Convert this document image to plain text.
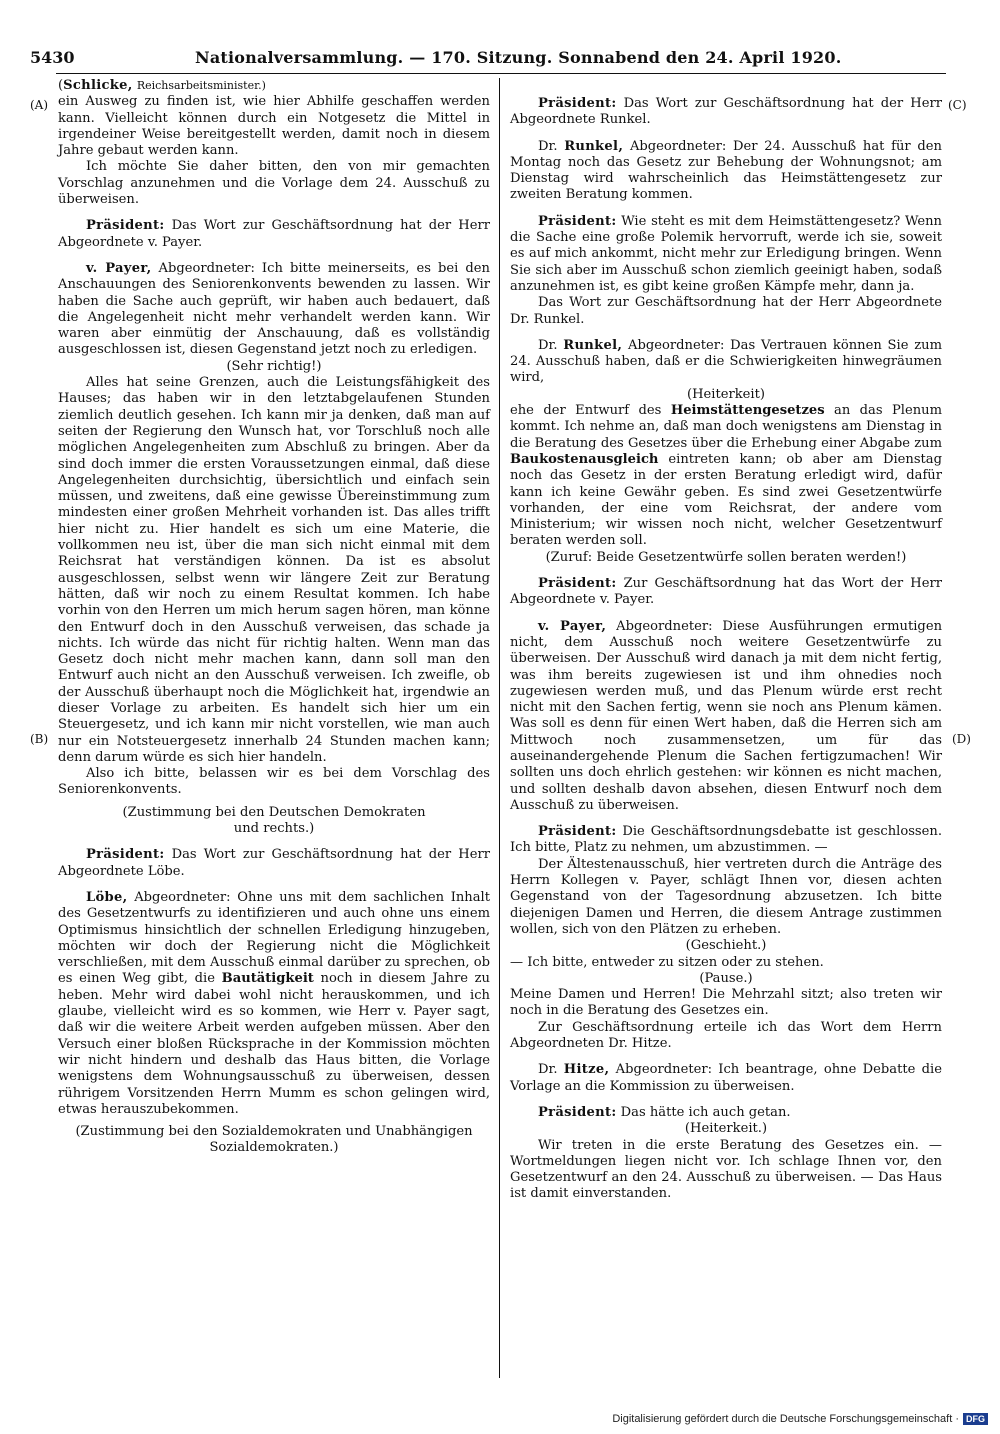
5430	Nationalversammlung. — 170. Sitzung. Sonnabend den 24. April 1920.
(A)
(B)
(C)
(D)

(Schlicke, Reichsarbeitsminister.)

ein Ausweg zu finden ist, wie hier Abhilfe geschaffen werden kann. Vielleicht können durch ein Notgesetz die Mittel in irgendeiner Weise bereitgestellt werden, damit noch in diesem Jahre gebaut werden kann.

Ich möchte Sie daher bitten, den von mir gemachten Vorschlag anzunehmen und die Vorlage dem 24. Ausschuß zu überweisen.

Präsident: Das Wort zur Geschäftsordnung hat der Herr Abgeordnete v. Payer.

v. Payer, Abgeordneter: Ich bitte meinerseits, es bei den Anschauungen des Seniorenkonvents bewenden zu lassen. Wir haben die Sache auch geprüft, wir haben auch bedauert, daß die Angelegenheit nicht mehr verhandelt werden kann. Wir waren aber einmütig der Anschauung, daß es vollständig ausgeschlossen ist, diesen Gegenstand jetzt noch zu erledigen.

(Sehr richtig!)

Alles hat seine Grenzen, auch die Leistungsfähigkeit des Hauses; das haben wir in den letztabgelaufenen Stunden ziemlich deutlich gesehen. Ich kann mir ja denken, daß man auf seiten der Regierung den Wunsch hat, vor Torschluß noch alle möglichen Angelegenheiten zum Abschluß zu bringen. Aber da sind doch immer die ersten Voraussetzungen einmal, daß diese Angelegenheiten durchsichtig, übersichtlich und einfach sein müssen, und zweitens, daß eine gewisse Übereinstimmung zum mindesten einer großen Mehrheit vorhanden ist. Das alles trifft hier nicht zu. Hier handelt es sich um eine Materie, die vollkommen neu ist, über die man sich nicht einmal mit dem Reichsrat hat verständigen können. Da ist es absolut ausgeschlossen, selbst wenn wir längere Zeit zur Beratung hätten, daß wir noch zu einem Resultat kommen. Ich habe vorhin von den Herren um mich herum sagen hören, man könne den Entwurf doch in den Ausschuß verweisen, das schade ja nichts. Ich würde das nicht für richtig halten. Wenn man das Gesetz doch nicht mehr machen kann, dann soll man den Entwurf auch nicht an den Ausschuß verweisen. Ich zweifle, ob der Ausschuß überhaupt noch die Möglichkeit hat, irgendwie an dieser Vorlage zu arbeiten. Es handelt sich hier um ein Steuergesetz, und ich kann mir nicht vorstellen, wie man auch nur ein Notsteuergesetz innerhalb 24 Stunden machen kann; denn darum würde es sich hier handeln.

Also ich bitte, belassen wir es bei dem Vorschlag des Seniorenkonvents.

(Zustimmung bei den Deutschen Demokraten und rechts.)

Präsident: Das Wort zur Geschäftsordnung hat der Herr Abgeordnete Löbe.

Löbe, Abgeordneter: Ohne uns mit dem sachlichen Inhalt des Gesetzentwurfs zu identifizieren und auch ohne uns einem Optimismus hinsichtlich der schnellen Erledigung hinzugeben, möchten wir doch der Regierung nicht die Möglichkeit verschließen, mit dem Ausschuß einmal darüber zu sprechen, ob es einen Weg gibt, die Bautätigkeit noch in diesem Jahre zu heben. Mehr wird dabei wohl nicht herauskommen, und ich glaube, vielleicht wird es so kommen, wie Herr v. Payer sagt, daß wir die weitere Arbeit werden aufgeben müssen. Aber den Versuch einer bloßen Rücksprache in der Kommission möchten wir nicht hindern und deshalb das Haus bitten, die Vorlage wenigstens dem Wohnungsausschuß zu überweisen, dessen rührigem Vorsitzenden Herrn Mumm es schon gelingen wird, etwas herauszubekommen.

(Zustimmung bei den Sozialdemokraten und Unabhängigen Sozialdemokraten.)

Präsident: Das Wort zur Geschäftsordnung hat der Herr Abgeordnete Runkel.

Dr. Runkel, Abgeordneter: Der 24. Ausschuß hat für den Montag noch das Gesetz zur Behebung der Wohnungsnot; am Dienstag wird wahrscheinlich das Heimstättengesetz zur zweiten Beratung kommen.

Präsident: Wie steht es mit dem Heimstättengesetz? Wenn die Sache eine große Polemik hervorruft, werde ich sie, soweit es auf mich ankommt, nicht mehr zur Erledigung bringen. Wenn Sie sich aber im Ausschuß schon ziemlich geeinigt haben, sodaß anzunehmen ist, es gibt keine großen Kämpfe mehr, dann ja.

Das Wort zur Geschäftsordnung hat der Herr Abgeordnete Dr. Runkel.

Dr. Runkel, Abgeordneter: Das Vertrauen können Sie zum 24. Ausschuß haben, daß er die Schwierigkeiten hinwegräumen wird,

(Heiterkeit)

ehe der Entwurf des Heimstättengesetzes an das Plenum kommt. Ich nehme an, daß man doch wenigstens am Dienstag in die Beratung des Gesetzes über die Erhebung einer Abgabe zum Baukostenausgleich eintreten kann; ob aber am Dienstag noch das Gesetz in der ersten Beratung erledigt wird, dafür kann ich keine Gewähr geben. Es sind zwei Gesetzentwürfe vorhanden, der eine vom Reichsrat, der andere vom Ministerium; wir wissen noch nicht, welcher Gesetzentwurf beraten werden soll.

(Zuruf: Beide Gesetzentwürfe sollen beraten werden!)

Präsident: Zur Geschäftsordnung hat das Wort der Herr Abgeordnete v. Payer.

v. Payer, Abgeordneter: Diese Ausführungen ermutigen nicht, dem Ausschuß noch weitere Gesetzentwürfe zu überweisen. Der Ausschuß wird danach ja mit dem nicht fertig, was ihm bereits zugewiesen ist und ihm ohnedies noch zugewiesen werden muß, und das Plenum würde erst recht nicht mit den Sachen fertig, wenn sie noch ans Plenum kämen. Was soll es denn für einen Wert haben, daß die Herren sich am Mittwoch noch zusammensetzen, um für das auseinandergehende Plenum die Sachen fertigzumachen! Wir sollten uns doch ehrlich gestehen: wir können es nicht machen, und sollten deshalb davon absehen, diesen Entwurf noch dem Ausschuß zu überweisen.

Präsident: Die Geschäftsordnungsdebatte ist geschlossen. Ich bitte, Platz zu nehmen, um abzustimmen. —

Der Ältestenausschuß, hier vertreten durch die Anträge des Herrn Kollegen v. Payer, schlägt Ihnen vor, diesen achten Gegenstand von der Tagesordnung abzusetzen. Ich bitte diejenigen Damen und Herren, die diesem Antrage zustimmen wollen, sich von den Plätzen zu erheben.

(Geschieht.)

— Ich bitte, entweder zu sitzen oder zu stehen.

(Pause.)

Meine Damen und Herren! Die Mehrzahl sitzt; also treten wir noch in die Beratung des Gesetzes ein.

Zur Geschäftsordnung erteile ich das Wort dem Herrn Abgeordneten Dr. Hitze.

Dr. Hitze, Abgeordneter: Ich beantrage, ohne Debatte die Vorlage an die Kommission zu überweisen.

Präsident: Das hätte ich auch getan.

(Heiterkeit.)

Wir treten in die erste Beratung des Gesetzes ein. — Wortmeldungen liegen nicht vor. Ich schlage Ihnen vor, den Gesetzentwurf an den 24. Ausschuß zu überweisen. — Das Haus ist damit einverstanden.

Digitalisierung gefördert durch die Deutsche Forschungsgemeinschaft · DFG
